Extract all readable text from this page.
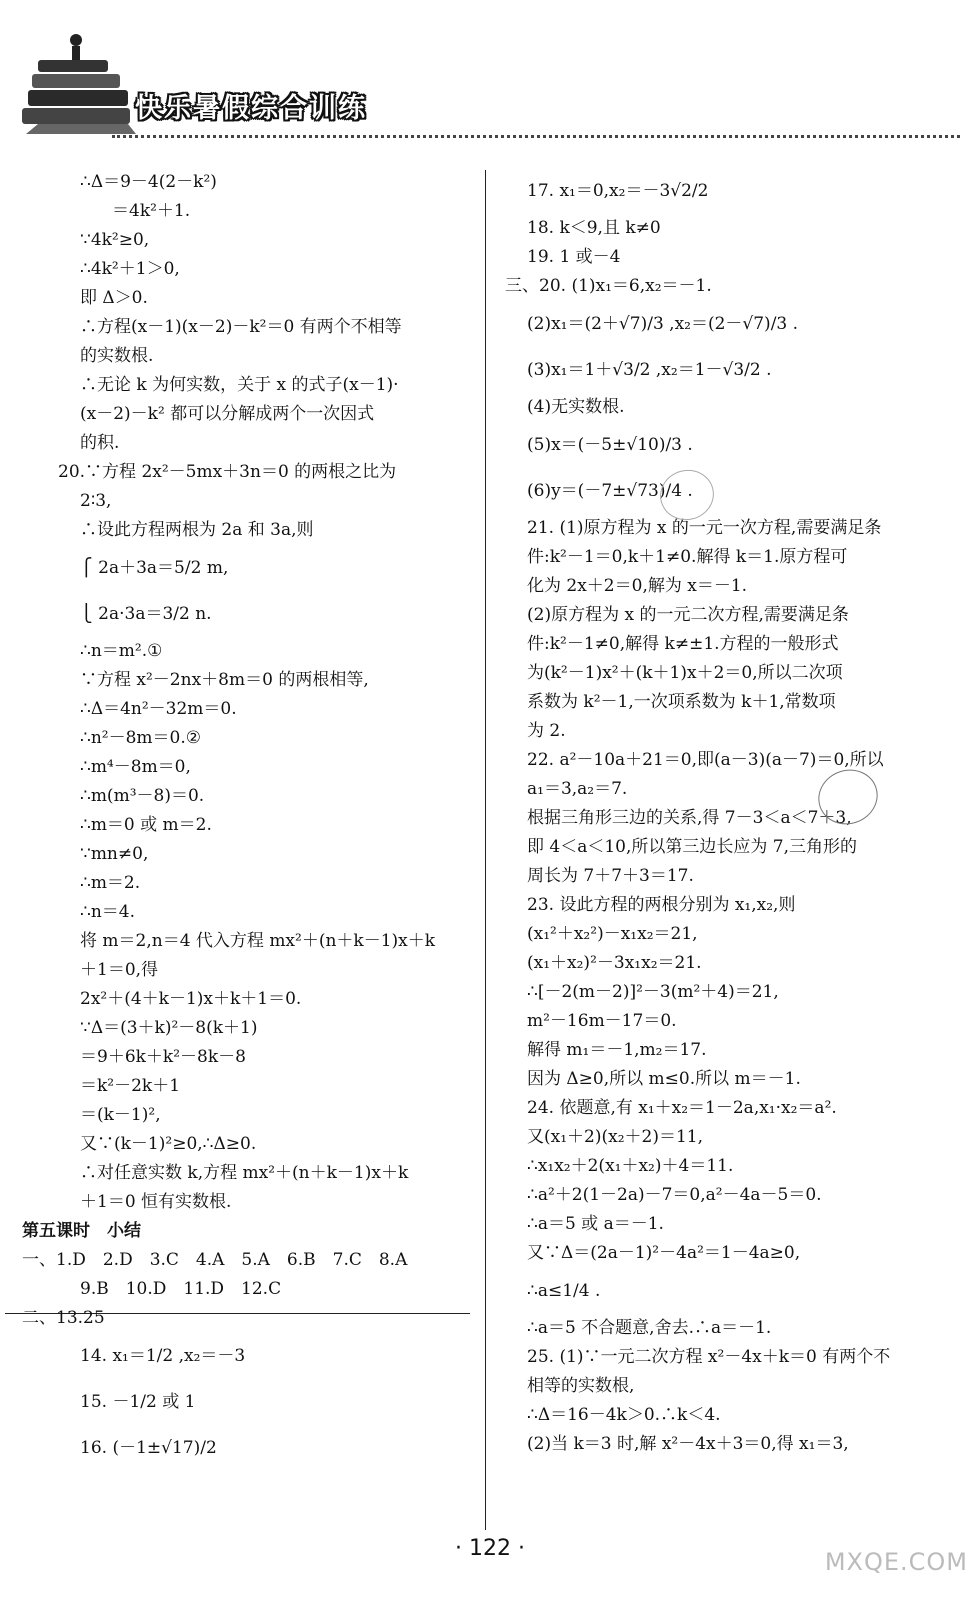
快乐暑假综合训练
∴Δ＝9－4(2－k²)
＝4k²＋1.
∵4k²≥0,
∴4k²＋1＞0,
即 Δ＞0.
∴方程(x－1)(x－2)－k²＝0 有两个不相等
的实数根.
∴无论 k 为何实数，关于 x 的式子(x－1)·
(x－2)－k² 都可以分解成两个一次因式
的积.
20.∵方程 2x²－5mx＋3n＝0 的两根之比为
2∶3,
∴设此方程两根为 2a 和 3a,则
⎧ 2a＋3a＝5/2 m,
⎩ 2a·3a＝3/2 n.
∴n＝m².①
∵方程 x²－2nx＋8m＝0 的两根相等,
∴Δ＝4n²－32m＝0.
∴n²－8m＝0.②
∴m⁴－8m＝0,
∴m(m³－8)＝0.
∴m＝0 或 m＝2.
∵mn≠0,
∴m＝2.
∴n＝4.
将 m＝2,n＝4 代入方程 mx²＋(n＋k－1)x＋k
＋1＝0,得
2x²＋(4＋k－1)x＋k＋1＝0.
∵Δ＝(3＋k)²－8(k＋1)
＝9＋6k＋k²－8k－8
＝k²－2k＋1
＝(k－1)²,
又∵(k－1)²≥0,∴Δ≥0.
∴对任意实数 k,方程 mx²＋(n＋k－1)x＋k
＋1＝0 恒有实数根.
第五课时　小结
一、1.D　2.D　3.C　4.A　5.A　6.B　7.C　8.A
9.B　10.D　11.D　12.C
二、13.25
14. x₁＝1/2 ,x₂＝－3
15. －1/2 或 1
16. (－1±√17)/2
17. x₁＝0,x₂＝－3√2/2
18. k＜9,且 k≠0
19. 1 或－4
三、20. (1)x₁＝6,x₂＝－1.
(2)x₁＝(2＋√7)/3 ,x₂＝(2－√7)/3 .
(3)x₁＝1＋√3/2 ,x₂＝1－√3/2 .
(4)无实数根.
(5)x＝(－5±√10)/3 .
(6)y＝(－7±√73)/4 .
21. (1)原方程为 x 的一元一次方程,需要满足条
件:k²－1＝0,k＋1≠0.解得 k＝1.原方程可
化为 2x＋2＝0,解为 x＝－1.
(2)原方程为 x 的一元二次方程,需要满足条
件:k²－1≠0,解得 k≠±1.方程的一般形式
为(k²－1)x²＋(k＋1)x＋2＝0,所以二次项
系数为 k²－1,一次项系数为 k＋1,常数项
为 2.
22. a²－10a＋21＝0,即(a－3)(a－7)＝0,所以
a₁＝3,a₂＝7.
根据三角形三边的关系,得 7－3＜a＜7＋3,
即 4＜a＜10,所以第三边长应为 7,三角形的
周长为 7＋7＋3＝17.
23. 设此方程的两根分别为 x₁,x₂,则
(x₁²＋x₂²)－x₁x₂＝21,
(x₁＋x₂)²－3x₁x₂＝21.
∴[－2(m－2)]²－3(m²＋4)＝21,
m²－16m－17＝0.
解得 m₁＝－1,m₂＝17.
因为 Δ≥0,所以 m≤0.所以 m＝－1.
24. 依题意,有 x₁＋x₂＝1－2a,x₁·x₂＝a².
又(x₁＋2)(x₂＋2)＝11,
∴x₁x₂＋2(x₁＋x₂)＋4＝11.
∴a²＋2(1－2a)－7＝0,a²－4a－5＝0.
∴a＝5 或 a＝－1.
又∵Δ＝(2a－1)²－4a²＝1－4a≥0,
∴a≤1/4 .
∴a＝5 不合题意,舍去.∴a＝－1.
25. (1)∵一元二次方程 x²－4x＋k＝0 有两个不
相等的实数根,
∴Δ＝16－4k＞0.∴k＜4.
(2)当 k＝3 时,解 x²－4x＋3＝0,得 x₁＝3,
· 122 ·	MXQE.COM
